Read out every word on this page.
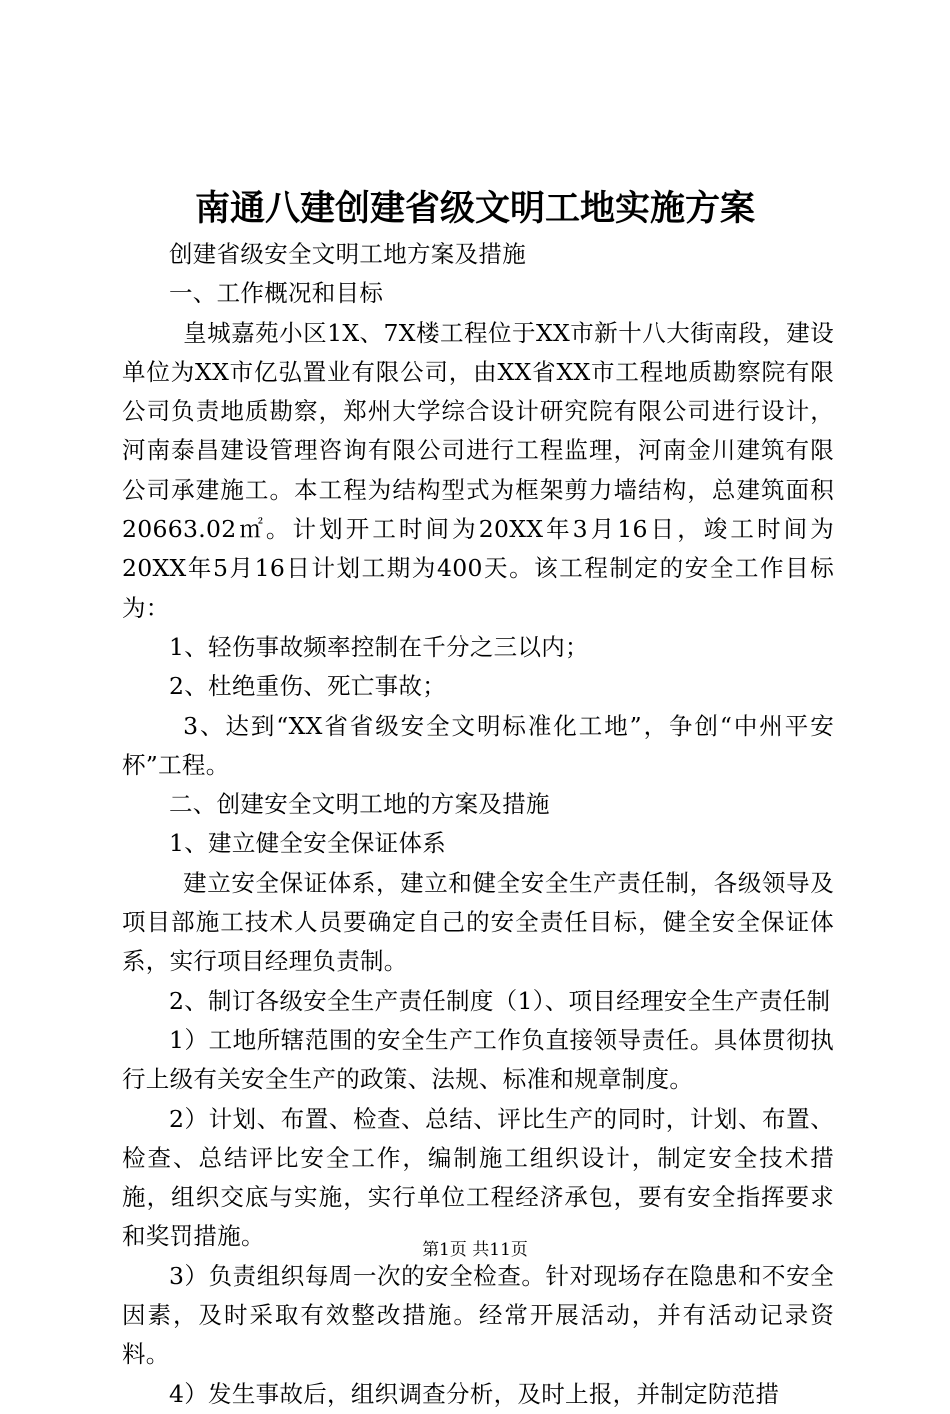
南通八建创建省级文明工地实施方案

创建省级安全文明工地方案及措施

一、工作概况和目标

皇城嘉苑小区1X、7X楼工程位于XX市新十八大街南段，建设单位为XX市亿弘置业有限公司，由XX省XX市工程地质勘察院有限公司负责地质勘察，郑州大学综合设计研究院有限公司进行设计，河南泰昌建设管理咨询有限公司进行工程监理，河南金川建筑有限公司承建施工。本工程为结构型式为框架剪力墙结构，总建筑面积20663.02㎡。计划开工时间为20XX年3月16日，竣工时间为20XX年5月16日计划工期为400天。该工程制定的安全工作目标为：

1、轻伤事故频率控制在千分之三以内；

2、杜绝重伤、死亡事故；

3、达到“XX省省级安全文明标准化工地”，争创“中州平安杯”工程。

二、创建安全文明工地的方案及措施

1、建立健全安全保证体系

建立安全保证体系，建立和健全安全生产责任制，各级领导及项目部施工技术人员要确定自己的安全责任目标，健全安全保证体系，实行项目经理负责制。

2、制订各级安全生产责任制度（1）、项目经理安全生产责任制

1）工地所辖范围的安全生产工作负直接领导责任。具体贯彻执行上级有关安全生产的政策、法规、标准和规章制度。

2）计划、布置、检查、总结、评比生产的同时，计划、布置、检查、总结评比安全工作，编制施工组织设计，制定安全技术措施，组织交底与实施，实行单位工程经济承包，要有安全指挥要求和奖罚措施。

3）负责组织每周一次的安全检查。针对现场存在隐患和不安全因素，及时采取有效整改措施。经常开展活动，并有活动记录资料。

4）发生事故后，组织调查分析，及时上报，并制定防范措

第1页 共11页
